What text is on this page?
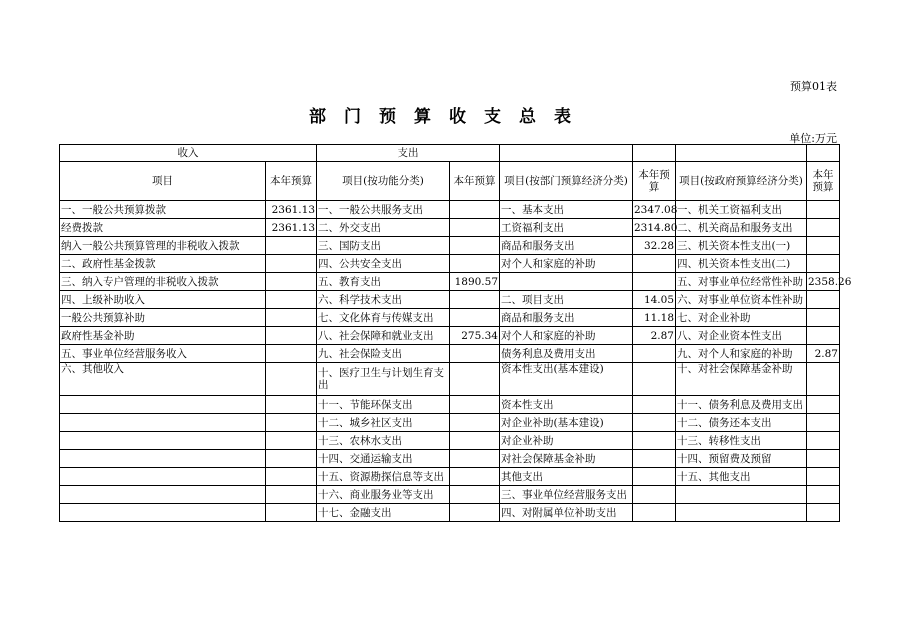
预算01表
部门预算收支总表
单位:万元
收入		支出					
项目	本年预算	项目(按功能分类)	本年预算	项目(按部门预算经济分类)	本年预算	项目(按政府预算经济分类)	本年预算
一、一般公共预算拨款	2361.13	一、一般公共服务支出		一、基本支出	2347.08	一、机关工资福利支出	
经费拨款	2361.13	二、外交支出		工资福利支出	2314.80	二、机关商品和服务支出	
纳入一般公共预算管理的非税收入拨款		三、国防支出		商品和服务支出	32.28	三、机关资本性支出(一)	
二、政府性基金拨款		四、公共安全支出		对个人和家庭的补助		四、机关资本性支出(二)	
三、纳入专户管理的非税收入拨款		五、教育支出	1890.57			五、对事业单位经常性补助	2358.26
四、上级补助收入		六、科学技术支出		二、项目支出	14.05	六、对事业单位资本性补助	
一般公共预算补助		七、文化体育与传媒支出		商品和服务支出	11.18	七、对企业补助	
政府性基金补助		八、社会保障和就业支出	275.34	对个人和家庭的补助	2.87	八、对企业资本性支出	
五、事业单位经营服务收入		九、社会保险支出		债务利息及费用支出		九、对个人和家庭的补助	2.87
六、其他收入		十、医疗卫生与计划生育支出		资本性支出(基本建设)		十、对社会保障基金补助	
		十一、节能环保支出		资本性支出		十一、债务利息及费用支出	
		十二、城乡社区支出		对企业补助(基本建设)		十二、债务还本支出	
		十三、农林水支出		对企业补助		十三、转移性支出	
		十四、交通运输支出		对社会保障基金补助		十四、预留费及预留	
		十五、资源勘探信息等支出		其他支出		十五、其他支出	
		十六、商业服务业等支出		三、事业单位经营服务支出			
		十七、金融支出		四、对附属单位补助支出			
